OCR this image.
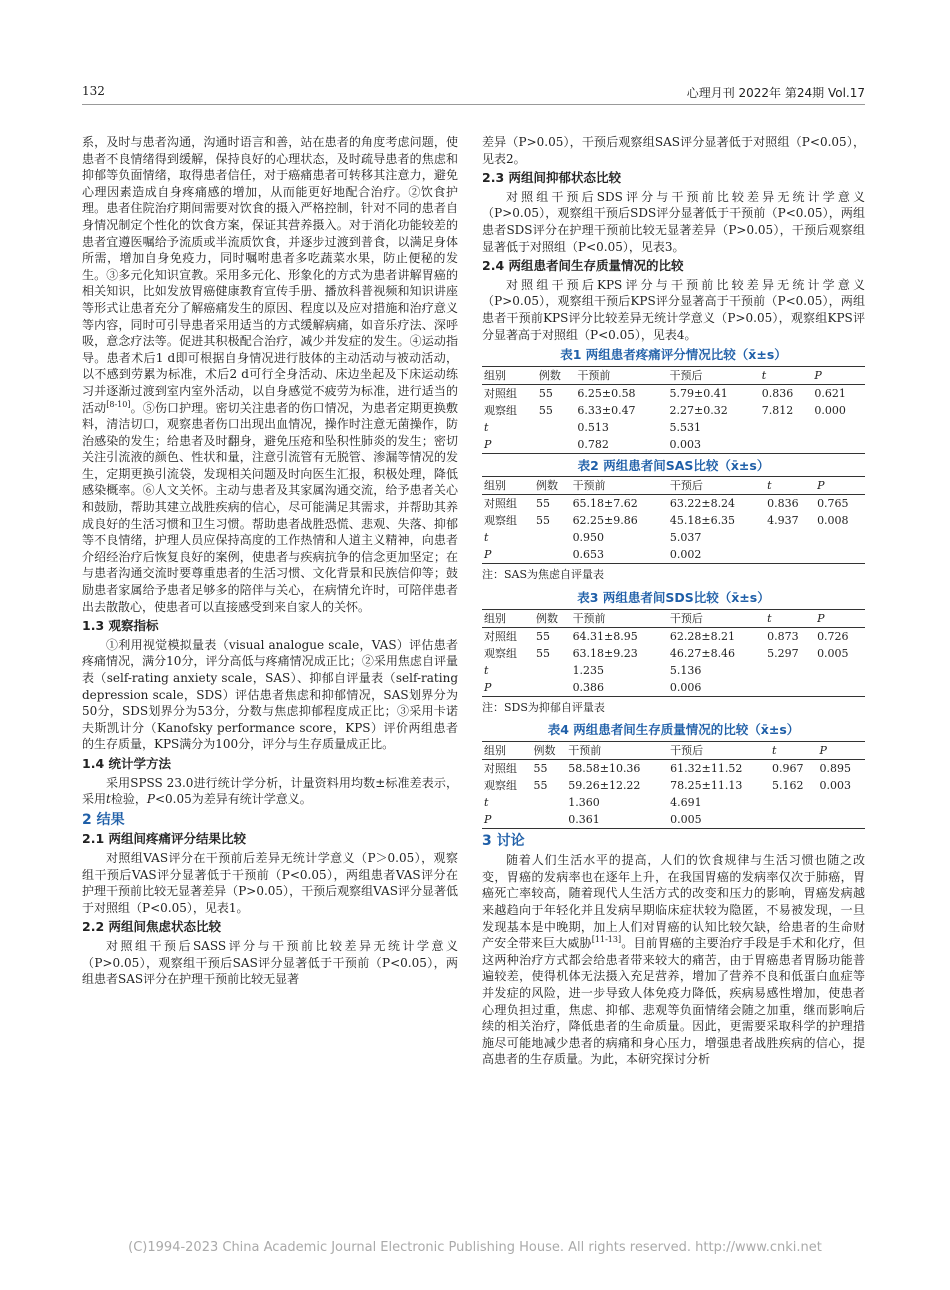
132	心理月刊 2022年 第24期 Vol.17

系，及时与患者沟通，沟通时语言和善，站在患者的角度考虑问题，使患者不良情绪得到缓解，保持良好的心理状态，及时疏导患者的焦虑和抑郁等负面情绪，取得患者信任，对于癌痛患者可转移其注意力，避免心理因素造成自身疼痛感的增加，从而能更好地配合治疗。②饮食护理。患者住院治疗期间需要对饮食的摄入严格控制，针对不同的患者自身情况制定个性化的饮食方案，保证其营养摄入。对于消化功能较差的患者宜遵医嘱给予流质或半流质饮食，并逐步过渡到普食，以满足身体所需，增加自身免疫力，同时嘱咐患者多吃蔬菜水果，防止便秘的发生。③多元化知识宣教。采用多元化、形象化的方式为患者讲解胃癌的相关知识，比如发放胃癌健康教育宣传手册、播放科普视频和知识讲座等形式让患者充分了解癌痛发生的原因、程度以及应对措施和治疗意义等内容，同时可引导患者采用适当的方式缓解病痛，如音乐疗法、深呼吸，意念疗法等。促进其积极配合治疗，减少并发症的发生。④运动指导。患者术后1 d即可根据自身情况进行肢体的主动活动与被动活动，以不感到劳累为标准，术后2 d可行全身活动、床边坐起及下床运动练习并逐渐过渡到室内室外活动，以自身感觉不疲劳为标准，进行适当的活动[8-10]。⑤伤口护理。密切关注患者的伤口情况，为患者定期更换敷料，清洁切口，观察患者伤口出现出血情况，操作时注意无菌操作，防治感染的发生；给患者及时翻身，避免压疮和坠积性肺炎的发生；密切关注引流液的颜色、性状和量，注意引流管有无脱管、渗漏等情况的发生，定期更换引流袋，发现相关问题及时向医生汇报，积极处理，降低感染概率。⑥人文关怀。主动与患者及其家属沟通交流，给予患者关心和鼓励，帮助其建立战胜疾病的信心，尽可能满足其需求，并帮助其养成良好的生活习惯和卫生习惯。帮助患者战胜恐慌、悲观、失落、抑郁等不良情绪，护理人员应保持高度的工作热情和人道主义精神，向患者介绍经治疗后恢复良好的案例，使患者与疾病抗争的信念更加坚定；在与患者沟通交流时要尊重患者的生活习惯、文化背景和民族信仰等；鼓励患者家属给予患者足够多的陪伴与关心，在病情允许时，可陪伴患者出去散散心，使患者可以直接感受到来自家人的关怀。

1.3 观察指标

①利用视觉模拟量表（visual analogue scale，VAS）评估患者疼痛情况，满分10分，评分高低与疼痛情况成正比；②采用焦虑自评量表（self-rating anxiety scale，SAS）、抑郁自评量表（self-rating depression scale，SDS）评估患者焦虑和抑郁情况，SAS划界分为50分，SDS划界分为53分，分数与焦虑抑郁程度成正比；③采用卡诺夫斯凯计分（Kanofsky performance score，KPS）评价两组患者的生存质量，KPS满分为100分，评分与生存质量成正比。

1.4 统计学方法

采用SPSS 23.0进行统计学分析，计量资料用均数±标准差表示，采用t检验，P<0.05为差异有统计学意义。

2 结果
2.1 两组间疼痛评分结果比较

对照组VAS评分在干预前后差异无统计学意义（P＞0.05），观察组干预后VAS评分显著低于干预前（P<0.05），两组患者VAS评分在护理干预前比较无显著差异（P>0.05），干预后观察组VAS评分显著低于对照组（P<0.05），见表1。

2.2 两组间焦虑状态比较

对照组干预后SASS评分与干预前比较差异无统计学意义（P>0.05），观察组干预后SAS评分显著低于干预前（P<0.05），两组患者SAS评分在护理干预前比较无显著

差异（P>0.05），干预后观察组SAS评分显著低于对照组（P<0.05），见表2。

2.3 两组间抑郁状态比较

对照组干预后SDS评分与干预前比较差异无统计学意义（P>0.05），观察组干预后SDS评分显著低于干预前（P<0.05），两组患者SDS评分在护理干预前比较无显著差异（P>0.05），干预后观察组显著低于对照组（P<0.05），见表3。

2.4 两组患者间生存质量情况的比较

对照组干预后KPS评分与干预前比较差异无统计学意义（P>0.05），观察组干预后KPS评分显著高于干预前（P<0.05），两组患者干预前KPS评分比较差异无统计学意义（P>0.05），观察组KPS评分显著高于对照组（P<0.05），见表4。

表1 两组患者疼痛评分情况比较（x̄±s）
组别	例数	干预前	干预后	t	P
对照组	55	6.25±0.58	5.79±0.41	0.836	0.621
观察组	55	6.33±0.47	2.27±0.32	7.812	0.000
t		0.513	5.531		
P		0.782	0.003		
表2 两组患者间SAS比较（x̄±s）
组别	例数	干预前	干预后	t	P
对照组	55	65.18±7.62	63.22±8.24	0.836	0.765
观察组	55	62.25±9.86	45.18±6.35	4.937	0.008
t		0.950	5.037		
P		0.653	0.002		
注：SAS为焦虑自评量表
表3 两组患者间SDS比较（x̄±s）
组别	例数	干预前	干预后	t	P
对照组	55	64.31±8.95	62.28±8.21	0.873	0.726
观察组	55	63.18±9.23	46.27±8.46	5.297	0.005
t		1.235	5.136		
P		0.386	0.006		
注：SDS为抑郁自评量表
表4 两组患者间生存质量情况的比较（x̄±s）
组别	例数	干预前	干预后	t	P
对照组	55	58.58±10.36	61.32±11.52	0.967	0.895
观察组	55	59.26±12.22	78.25±11.13	5.162	0.003
t		1.360	4.691		
P		0.361	0.005		
3 讨论

随着人们生活水平的提高，人们的饮食规律与生活习惯也随之改变，胃癌的发病率也在逐年上升，在我国胃癌的发病率仅次于肺癌，胃癌死亡率较高，随着现代人生活方式的改变和压力的影响，胃癌发病越来越趋向于年轻化并且发病早期临床症状较为隐匿，不易被发现，一旦发现基本是中晚期，加上人们对胃癌的认知比较欠缺，给患者的生命财产安全带来巨大威胁[11-13]。目前胃癌的主要治疗手段是手术和化疗，但这两种治疗方式都会给患者带来较大的痛苦，由于胃癌患者胃肠功能普遍较差，使得机体无法摄入充足营养，增加了营养不良和低蛋白血症等并发症的风险，进一步导致人体免疫力降低，疾病易感性增加，使患者心理负担过重，焦虑、抑郁、悲观等负面情绪会随之加重，继而影响后续的相关治疗，降低患者的生命质量。因此，更需要采取科学的护理措施尽可能地减少患者的病痛和身心压力，增强患者战胜疾病的信心，提高患者的生存质量。为此，本研究探讨分析

(C)1994-2023 China Academic Journal Electronic Publishing House. All rights reserved. http://www.cnki.net
